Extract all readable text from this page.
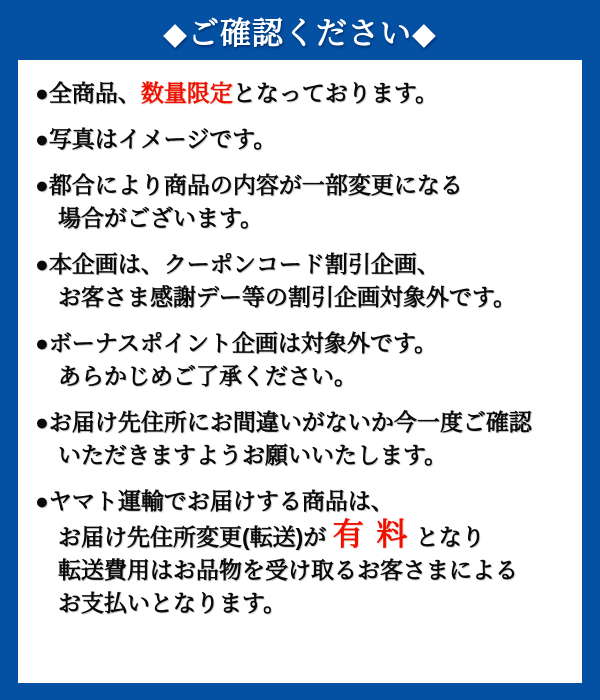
◆ご確認ください◆
●全商品、数量限定となっております。
●写真はイメージです。
●都合により商品の内容が一部変更になる
場合がございます。
●本企画は、クーポンコード割引企画、
お客さま感謝デー等の割引企画対象外です。
●ボーナスポイント企画は対象外です。
あらかじめご了承ください。
●お届け先住所にお間違いがないか今一度ご確認
いただきますようお願いいたします。
●ヤマト運輸でお届けする商品は、
お届け先住所変更(転送)が 有 料 となり
転送費用はお品物を受け取るお客さまによる
お支払いとなります。
